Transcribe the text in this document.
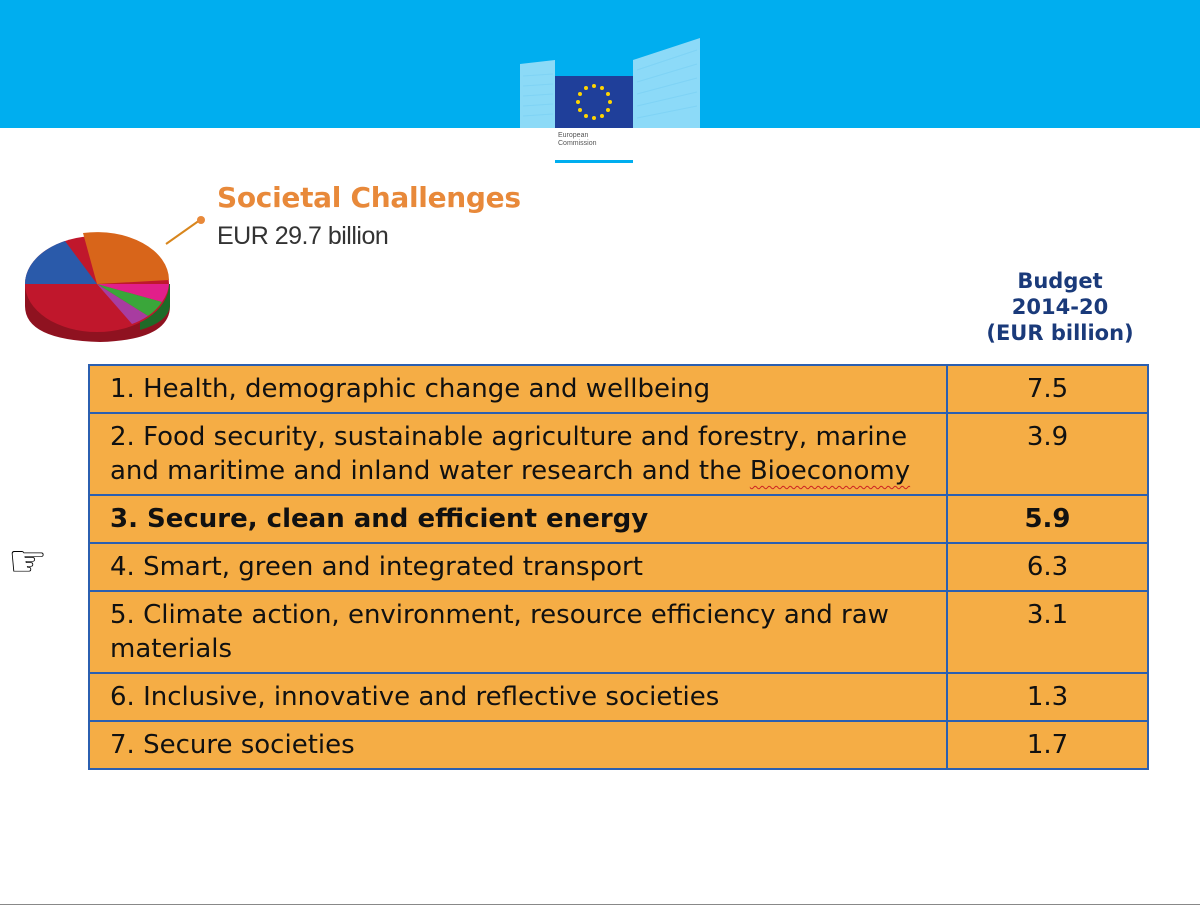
European
Commission
Societal Challenges
EUR 29.7 billion
Budget
2014-20
(EUR billion)
☞
1. Health, demographic change and wellbeing	7.5
2. Food security, sustainable agriculture and forestry, marine and maritime and inland water research and the Bioeconomy	3.9
3. Secure, clean and efficient energy	5.9
4. Smart, green and integrated transport	6.3
5. Climate action, environment, resource efficiency and raw materials	3.1
6. Inclusive, innovative and reflective societies	1.3
7. Secure societies	1.7
